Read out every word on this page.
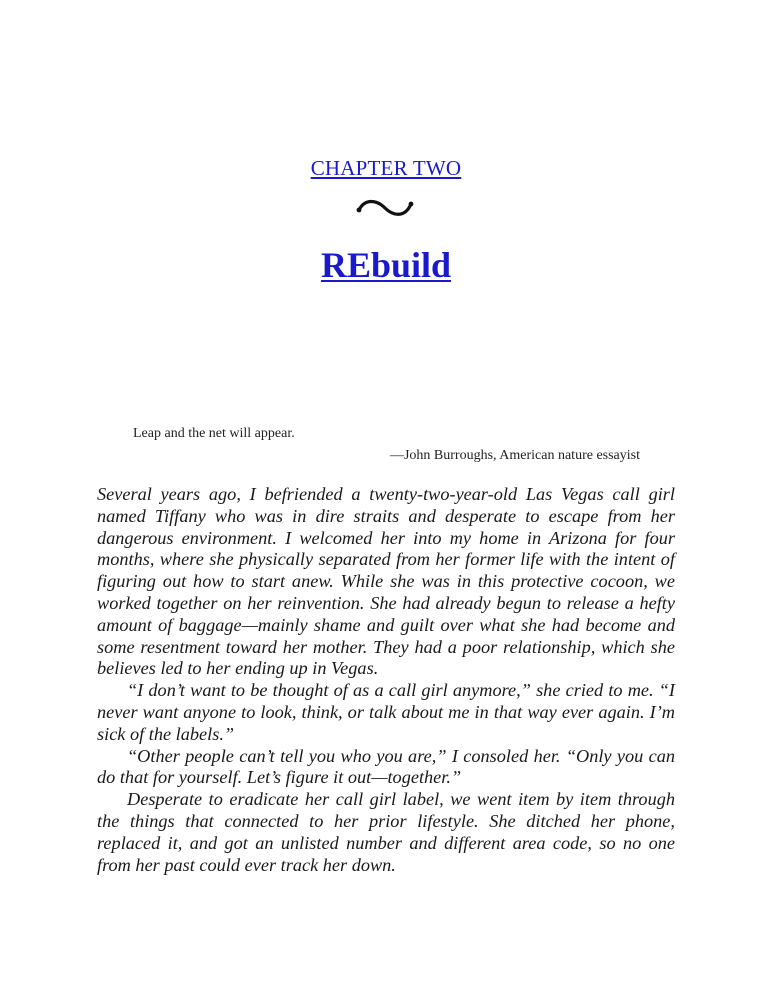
CHAPTER TWO
REbuild
Leap and the net will appear.
—John Burroughs, American nature essayist

Several years ago, I befriended a twenty-two-year-old Las Vegas call girl named Tiffany who was in dire straits and desperate to escape from her dangerous environment. I welcomed her into my home in Arizona for four months, where she physically separated from her former life with the intent of figuring out how to start anew. While she was in this protective cocoon, we worked together on her reinvention. She had already begun to release a hefty amount of baggage—mainly shame and guilt over what she had become and some resentment toward her mother. They had a poor relationship, which she believes led to her ending up in Vegas.

“I don’t want to be thought of as a call girl anymore,” she cried to me. “I never want anyone to look, think, or talk about me in that way ever again. I’m sick of the labels.”

“Other people can’t tell you who you are,” I consoled her. “Only you can do that for yourself. Let’s figure it out—together.”

Desperate to eradicate her call girl label, we went item by item through the things that connected to her prior lifestyle. She ditched her phone, replaced it, and got an unlisted number and different area code, so no one from her past could ever track her down.
